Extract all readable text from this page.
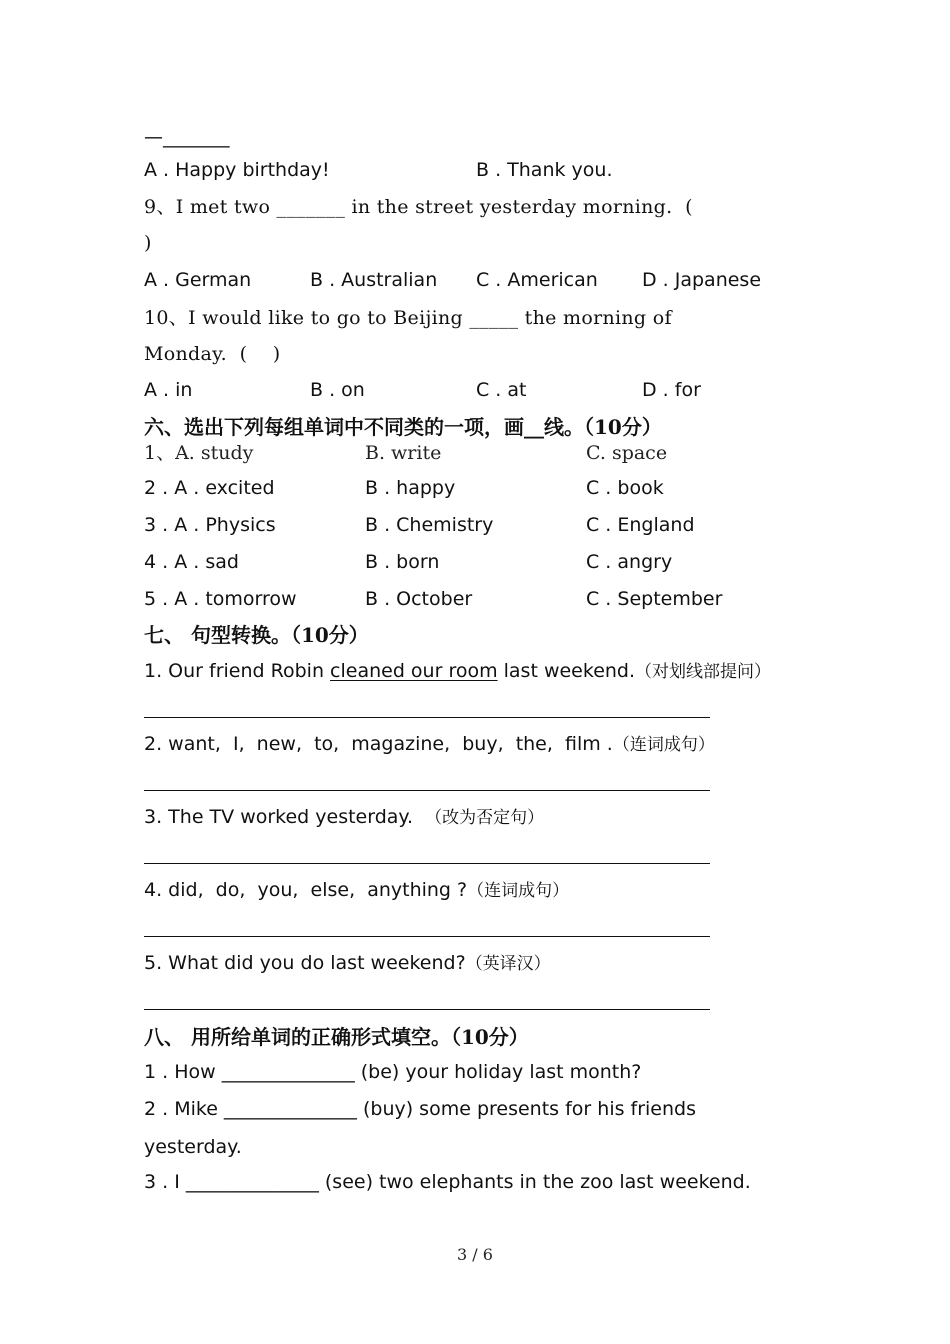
—_______
A . Happy birthday!	B . Thank you.
9、I met two _______ in the street yesterday morning.  (
)
A . German	B . Australian C . American D . Japanese
10、I would like to go to Beijing _____ the morning of
Monday.  (    )
A . in	B . on	C . at	D . for
六、选出下列每组单词中不同类的一项，画__线。（10分）
1、A. study	B. write	C. space
2 . A . excited	B . happy	C . book
3 . A . Physics	B . Chemistry	C . England
4 . A . sad	B . born	C . angry
5 . A . tomorrow	B . October	C . September
七、 句型转换。（10分）
1. Our friend Robin cleaned our room last weekend.（对划线部提问）
2. want,  I,  new,  to,  magazine,  buy,  the,  film .（连词成句）
3. The TV worked yesterday.  （改为否定句）
4. did,  do,  you,  else,  anything ?（连词成句）
5. What did you do last weekend?（英译汉）
八、 用所给单词的正确形式填空。（10分）
1 . How ______________ (be) your holiday last month?
2 . Mike ______________ (buy) some presents for his friends
yesterday.
3 . I ______________ (see) two elephants in the zoo last weekend.
3 / 6
